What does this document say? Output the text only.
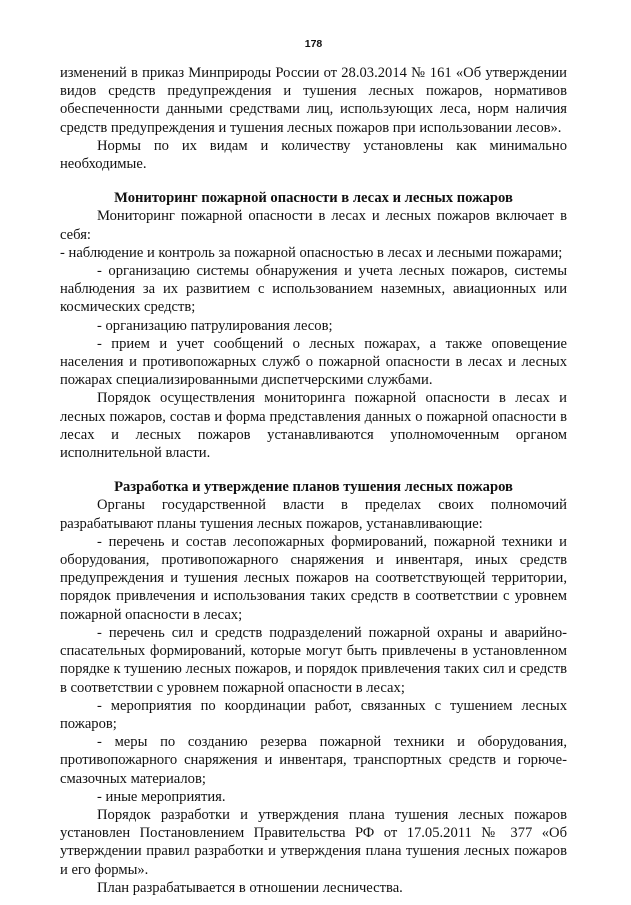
178

изменений в приказ Минприроды России от 28.03.2014 № 161 «Об утверждении видов средств предупреждения и тушения лесных пожаров, нормативов обеспеченности данными средствами лиц, использующих леса, норм наличия средств предупреждения и тушения лесных пожаров при использовании лесов».

Нормы по их видам и количеству установлены как минимально необходимые.

Мониторинг пожарной опасности в лесах и лесных пожаров

Мониторинг пожарной опасности в лесах и лесных пожаров включает в себя:

- наблюдение и контроль за пожарной опасностью в лесах и лесными пожарами;

- организацию системы обнаружения и учета лесных пожаров, системы наблюдения за их развитием с использованием наземных, авиационных или космических средств;

- организацию патрулирования лесов;

- прием и учет сообщений о лесных пожарах, а также оповещение населения и противопожарных служб о пожарной опасности в лесах и лесных пожарах специализированными диспетчерскими службами.

Порядок осуществления мониторинга пожарной опасности в лесах и лесных пожаров, состав и форма представления данных о пожарной опасности в лесах и лесных пожаров устанавливаются уполномоченным органом исполнительной власти.

Разработка и утверждение планов тушения лесных пожаров

Органы государственной власти в пределах своих полномочий разрабатывают планы тушения лесных пожаров, устанавливающие:

- перечень и состав лесопожарных формирований, пожарной техники и оборудования, противопожарного снаряжения и инвентаря, иных средств предупреждения и тушения лесных пожаров на соответствующей территории, порядок привлечения и использования таких средств в соответствии с уровнем пожарной опасности в лесах;

- перечень сил и средств подразделений пожарной охраны и аварийно-спасательных формирований, которые могут быть привлечены в установленном порядке к тушению лесных пожаров, и порядок привлечения таких сил и средств в соответствии с уровнем пожарной опасности в лесах;

- мероприятия по координации работ, связанных с тушением лесных пожаров;

- меры по созданию резерва пожарной техники и оборудования, противопожарного снаряжения и инвентаря, транспортных средств и горюче-смазочных материалов;

- иные мероприятия.

Порядок разработки и утверждения плана тушения лесных пожаров установлен Постановлением Правительства РФ от 17.05.2011 № 377 «Об утверждении правил разработки и утверждения плана тушения лесных пожаров и его формы».

План разрабатывается в отношении лесничества.
